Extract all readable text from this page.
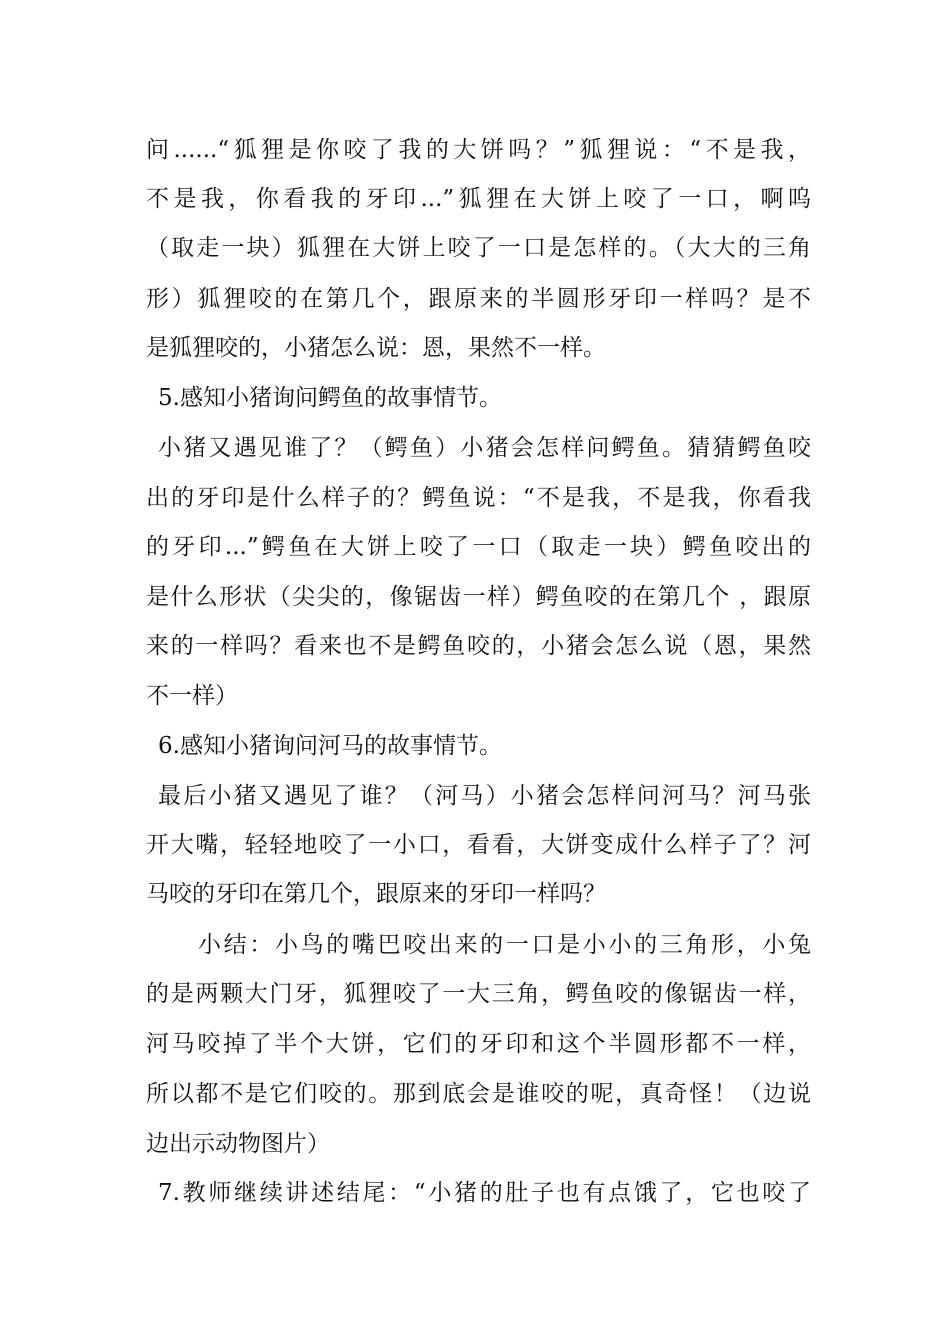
问......“狐狸是你咬了我的大饼吗？”狐狸说：“不是我，
不是我，你看我的牙印...”狐狸在大饼上咬了一口，啊呜
（取走一块）狐狸在大饼上咬了一口是怎样的。（大大的三角
形）狐狸咬的在第几个，跟原来的半圆形牙印一样吗？是不
是狐狸咬的，小猪怎么说：恩，果然不一样。
5.感知小猪询问鳄鱼的故事情节。
小猪又遇见谁了？（鳄鱼）小猪会怎样问鳄鱼。猜猜鳄鱼咬
出的牙印是什么样子的？鳄鱼说：“不是我，不是我，你看我
的牙印...”鳄鱼在大饼上咬了一口（取走一块）鳄鱼咬出的
是什么形状（尖尖的，像锯齿一样）鳄鱼咬的在第几个 ，跟原
来的一样吗？看来也不是鳄鱼咬的，小猪会怎么说（恩，果然
不一样）
6.感知小猪询问河马的故事情节。
最后小猪又遇见了谁？（河马）小猪会怎样问河马？河马张
开大嘴，轻轻地咬了一小口，看看，大饼变成什么样子了？河
马咬的牙印在第几个，跟原来的牙印一样吗？
小结：小鸟的嘴巴咬出来的一口是小小的三角形，小兔
的是两颗大门牙，狐狸咬了一大三角，鳄鱼咬的像锯齿一样，
河马咬掉了半个大饼，它们的牙印和这个半圆形都不一样，
所以都不是它们咬的。那到底会是谁咬的呢，真奇怪！（边说
边出示动物图片）
7.教师继续讲述结尾：“小猪的肚子也有点饿了，它也咬了
